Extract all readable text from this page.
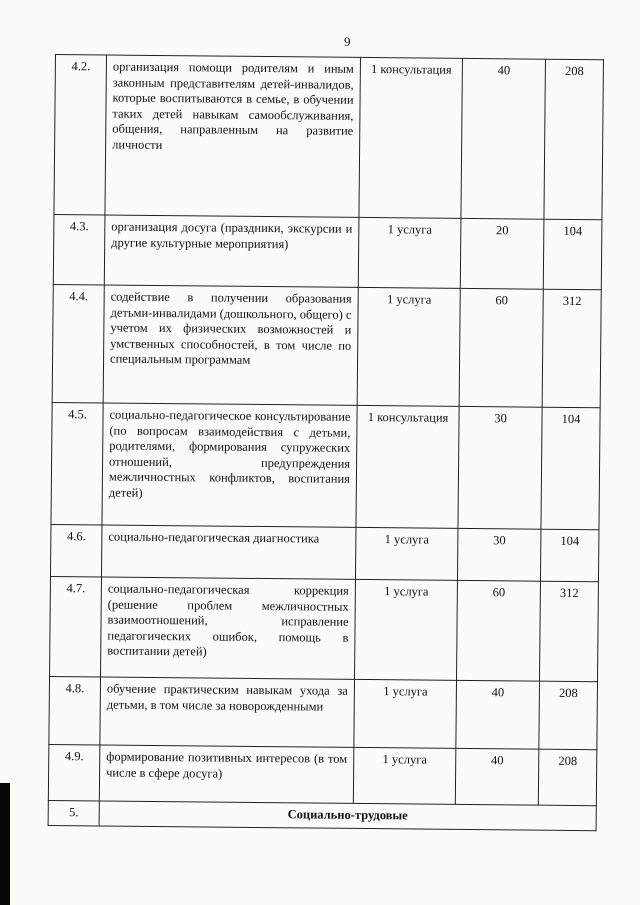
9
4.2.	организация помощи родителям и иным законным представителям детей-инвалидов, которые воспитываются в семье, в обучении таких детей навыкам самообслуживания, общения, направленным на развитие личности	1 консультация	40	208
4.3.	организация досуга (праздники, экскурсии и другие культурные мероприятия)	1 услуга	20	104
4.4.	содействие в получении образования детьми-инвалидами (дошкольного, общего) с учетом их физических возможностей и умственных способностей, в том числе по специальным программам	1 услуга	60	312
4.5.	социально-педагогическое консультирование (по вопросам взаимодействия с детьми, родителями, формирования супружеских отношений, предупреждения межличностных конфликтов, воспитания детей)	1 консультация	30	104
4.6.	социально-педагогическая диагностика	1 услуга	30	104
4.7.	социально-педагогическая коррекция (решение проблем межличностных взаимоотношений, исправление педагогических ошибок, помощь в воспитании детей)	1 услуга	60	312
4.8.	обучение практическим навыкам ухода за детьми, в том числе за новорожденными	1 услуга	40	208
4.9.	формирование позитивных интересов (в том числе в сфере досуга)	1 услуга	40	208
5.	Социально-трудовые			
